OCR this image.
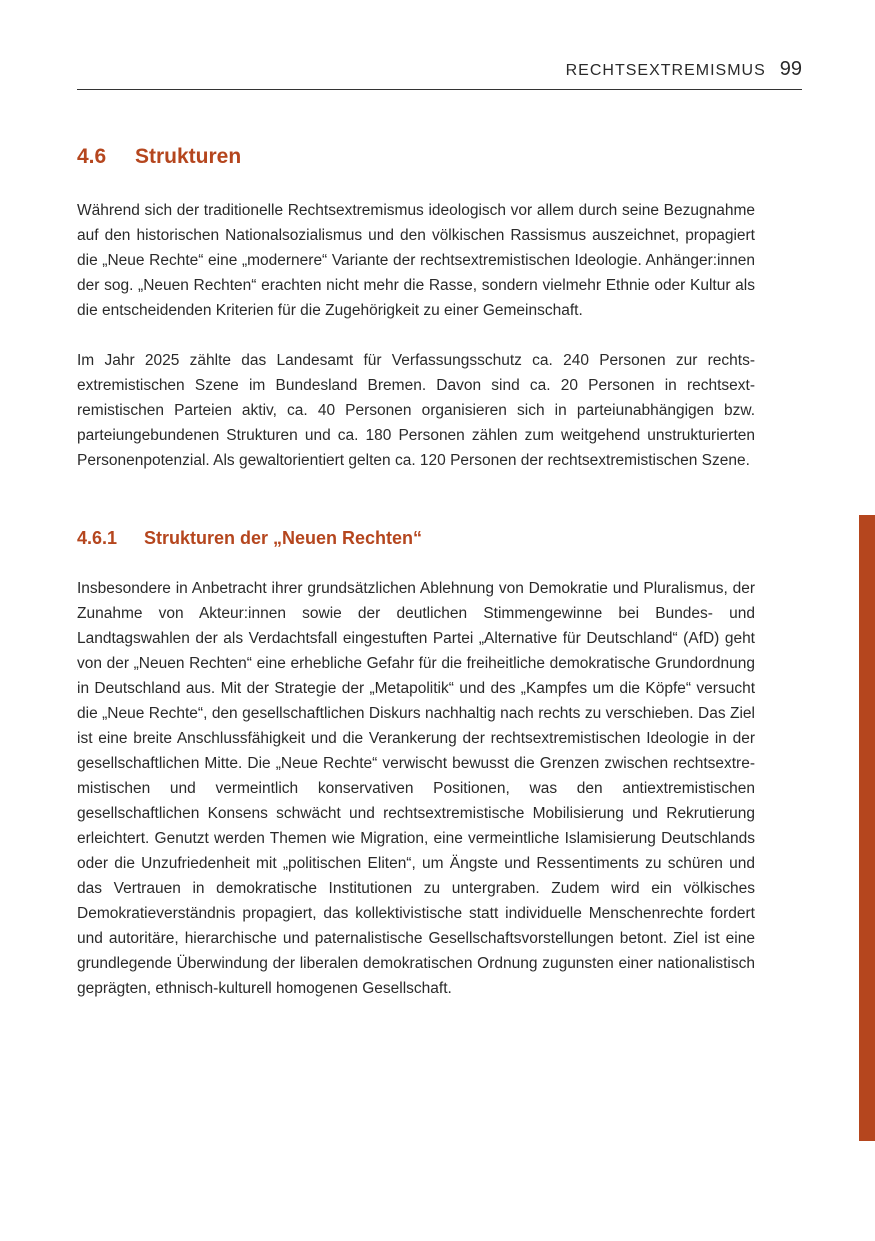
RECHTSEXTREMISMUS 99
4.6 Strukturen

Während sich der traditionelle Rechtsextremismus ideologisch vor allem durch seine Bezugnahme auf den historischen Nationalsozialismus und den völkischen Rassismus auszeichnet, propagiert die „Neue Rechte“ eine „modernere“ Variante der rechtsextremistischen Ideologie. Anhänger:innen der sog. „Neuen Rechten“ erachten nicht mehr die Rasse, sondern vielmehr Ethnie oder Kultur als die entscheidenden Kriterien für die Zugehörigkeit zu einer Gemeinschaft.

Im Jahr 2025 zählte das Landesamt für Verfassungsschutz ca. 240 Personen zur rechtsextremistischen Szene im Bundesland Bremen. Davon sind ca. 20 Personen in rechtsextremistischen Parteien aktiv, ca. 40 Personen organisieren sich in parteiunabhängigen bzw. parteiungebundenen Strukturen und ca. 180 Personen zählen zum weitgehend unstrukturierten Personenpotenzial. Als gewaltorientiert gelten ca. 120 Personen der rechtsextremistischen Szene.

4.6.1 Strukturen der „Neuen Rechten“

Insbesondere in Anbetracht ihrer grundsätzlichen Ablehnung von Demokratie und Pluralismus, der Zunahme von Akteur:innen sowie der deutlichen Stimmengewinne bei Bundes- und Landtagswahlen der als Verdachtsfall eingestuften Partei „Alternative für Deutschland“ (AfD) geht von der „Neuen Rechten“ eine erhebliche Gefahr für die freiheitliche demokratische Grundordnung in Deutschland aus. Mit der Strategie der „Metapolitik“ und des „Kampfes um die Köpfe“ versucht die „Neue Rechte“, den gesellschaftlichen Diskurs nachhaltig nach rechts zu verschieben. Das Ziel ist eine breite Anschlussfähigkeit und die Verankerung der rechtsextremistischen Ideologie in der gesellschaftlichen Mitte. Die „Neue Rechte“ verwischt bewusst die Grenzen zwischen rechtsextremistischen und vermeintlich konservativen Positionen, was den antiextremistischen gesellschaftlichen Konsens schwächt und rechtsextremistische Mobilisierung und Rekrutierung erleichtert. Genutzt werden Themen wie Migration, eine vermeintliche Islamisierung Deutschlands oder die Unzufriedenheit mit „politischen Eliten“, um Ängste und Ressentiments zu schüren und das Vertrauen in demokratische Institutionen zu untergraben. Zudem wird ein völkisches Demokratieverständnis propagiert, das kollektivistische statt individuelle Menschenrechte fordert und autoritäre, hierarchische und paternalistische Gesellschaftsvorstellungen betont. Ziel ist eine grundlegende Überwindung der liberalen demokratischen Ordnung zugunsten einer nationalistisch geprägten, ethnisch-kulturell homogenen Gesellschaft.
